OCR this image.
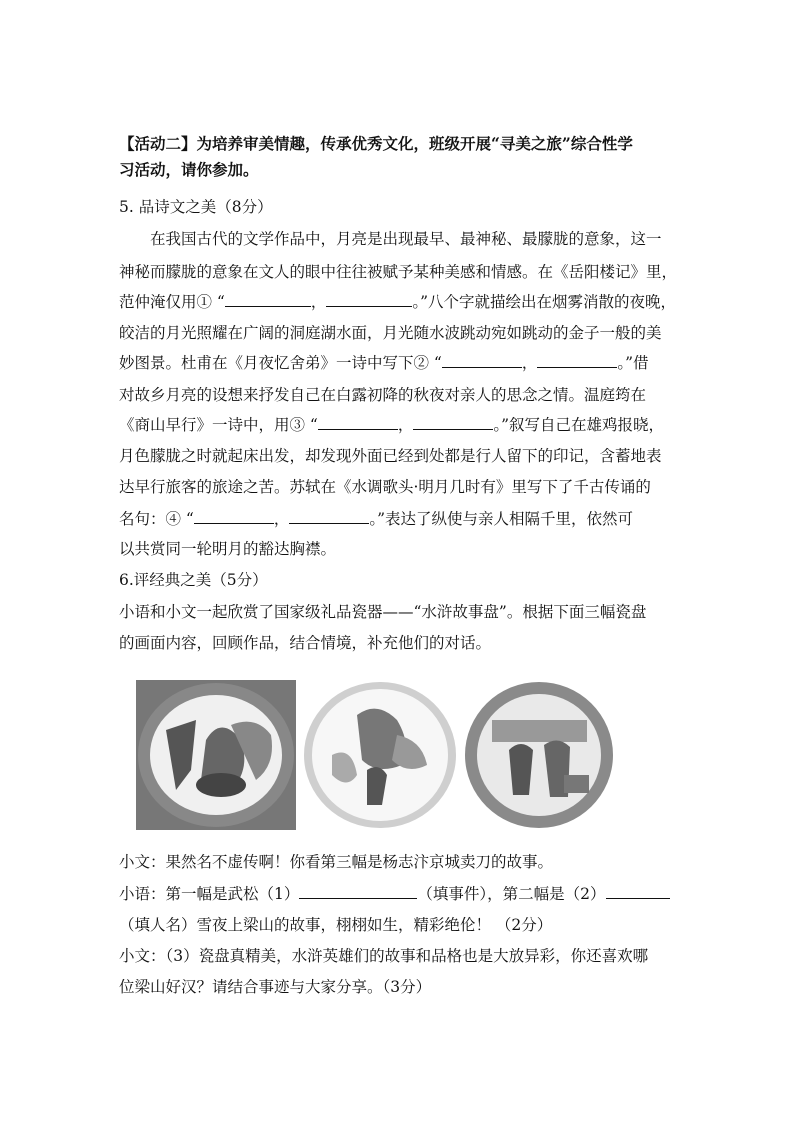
【活动二】为培养审美情趣，传承优秀文化，班级开展“寻美之旅”综合性学
习活动，请你参加。
5. 品诗文之美（8分）
在我国古代的文学作品中，月亮是出现最早、最神秘、最朦胧的意象，这一
神秘而朦胧的意象在文人的眼中往往被赋予某种美感和情感。在《岳阳楼记》里，
范仲淹仅用① “	，	。”八个字就描绘出在烟雾消散的夜晚，
皎洁的月光照耀在广阔的洞庭湖水面，月光随水波跳动宛如跳动的金子一般的美
妙图景。杜甫在《月夜忆舍弟》一诗中写下② “	，	。”借
对故乡月亮的设想来抒发自己在白露初降的秋夜对亲人的思念之情。温庭筠在
《商山早行》一诗中，用③ “	，	。”叙写自己在雄鸡报晓，
月色朦胧之时就起床出发，却发现外面已经到处都是行人留下的印记，含蓄地表
达早行旅客的旅途之苦。苏轼在《水调歌头·明月几时有》里写下了千古传诵的
名句：④ “	，	。”表达了纵使与亲人相隔千里，依然可
以共赏同一轮明月的豁达胸襟。
6.评经典之美（5分）
小语和小文一起欣赏了国家级礼品瓷器——“水浒故事盘”。根据下面三幅瓷盘
的画面内容，回顾作品，结合情境，补充他们的对话。
小文：果然名不虚传啊！你看第三幅是杨志汴京城卖刀的故事。
小语：第一幅是武松（1）	（填事件），第二幅是（2）
（填人名）雪夜上梁山的故事，栩栩如生，精彩绝伦！ （2分）
小文：（3）瓷盘真精美，水浒英雄们的故事和品格也是大放异彩，你还喜欢哪
位梁山好汉？请结合事迹与大家分享。（3分）
